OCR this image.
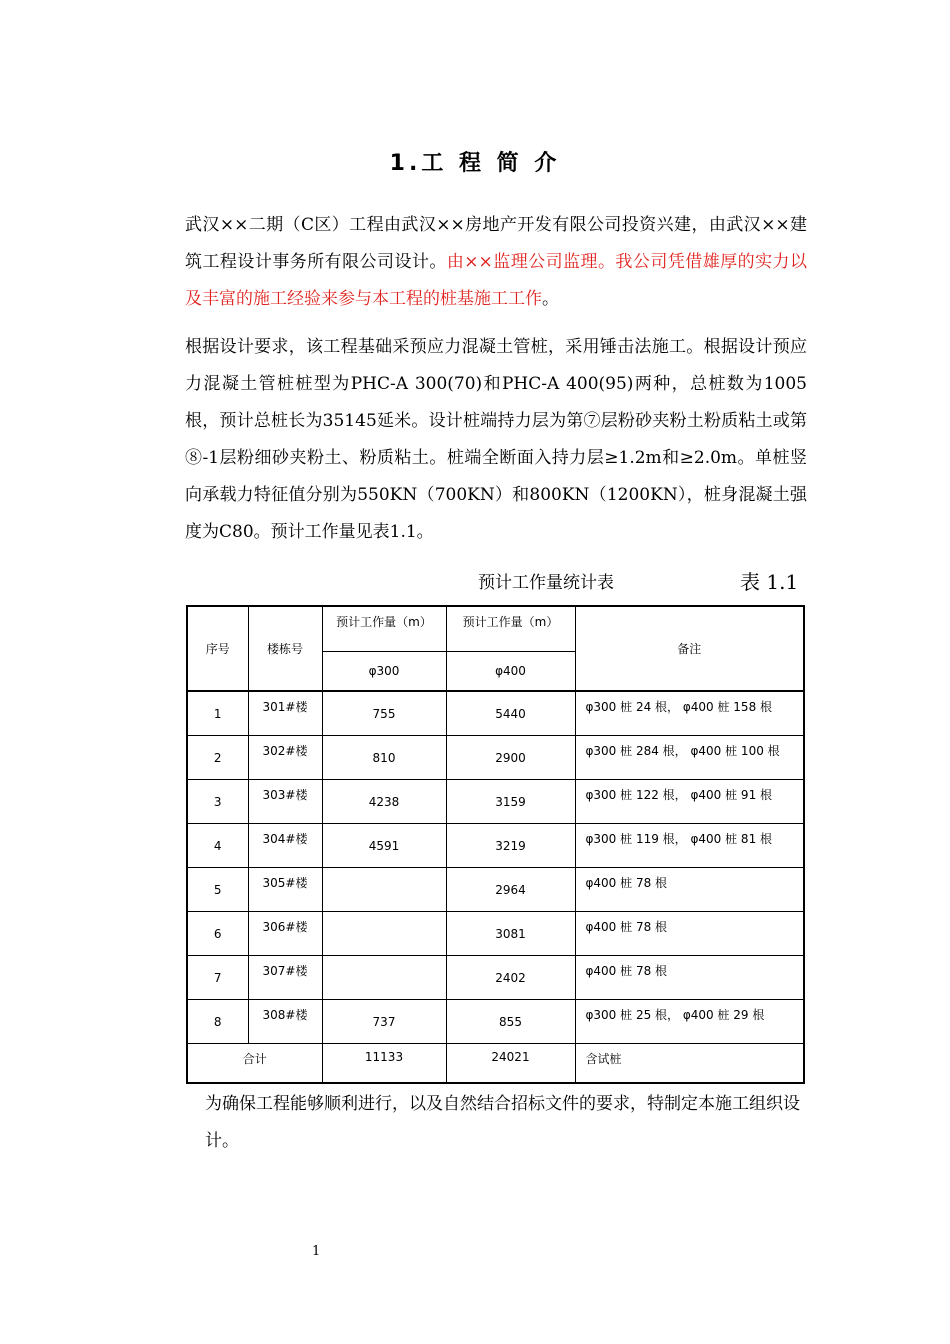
1.工 程 简 介

武汉××二期（C区）工程由武汉××房地产开发有限公司投资兴建，由武汉××建筑工程设计事务所有限公司设计。由××监理公司监理。我公司凭借雄厚的实力以及丰富的施工经验来参与本工程的桩基施工工作。

根据设计要求，该工程基础采预应力混凝土管桩，采用锤击法施工。根据设计预应力混凝土管桩桩型为PHC-A 300(70)和PHC-A 400(95)两种，总桩数为1005根，预计总桩长为35145延米。设计桩端持力层为第⑦层粉砂夹粉土粉质粘土或第⑧-1层粉细砂夹粉土、粉质粘土。桩端全断面入持力层≥1.2m和≥2.0m。单桩竖向承载力特征值分别为550KN（700KN）和800KN（1200KN），桩身混凝土强度为C80。预计工作量见表1.1。

预计工作量统计表	表 1.1
序号	楼栋号	预计工作量（m）	预计工作量（m）	备注
		φ300	φ400	
1	301#楼	755	5440	φ300 桩 24 根， φ400 桩 158 根
2	302#楼	810	2900	φ300 桩 284 根， φ400 桩 100 根
3	303#楼	4238	3159	φ300 桩 122 根， φ400 桩 91 根
4	304#楼	4591	3219	φ300 桩 119 根， φ400 桩 81 根
5	305#楼		2964	φ400 桩 78 根
6	306#楼		3081	φ400 桩 78 根
7	307#楼		2402	φ400 桩 78 根
8	308#楼	737	855	φ300 桩 25 根， φ400 桩 29 根
合计		11133	24021	含试桩

为确保工程能够顺利进行，以及自然结合招标文件的要求，特制定本施工组织设计。

1
